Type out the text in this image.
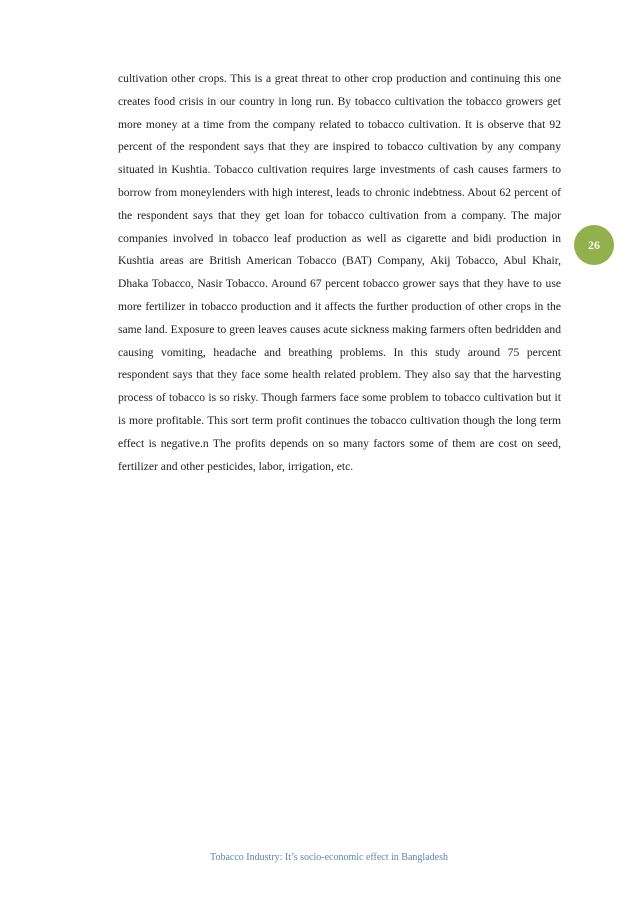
cultivation other crops. This is a great threat to other crop production and continuing this one creates food crisis in our country in long run. By tobacco cultivation the tobacco growers get more money at a time from the company related to tobacco cultivation. It is observe that 92 percent of the respondent says that they are inspired to tobacco cultivation by any company situated in Kushtia. Tobacco cultivation requires large investments of cash causes farmers to borrow from moneylenders with high interest, leads to chronic indebtness. About 62 percent of the respondent says that they get loan for tobacco cultivation from a company. The major companies involved in tobacco leaf production as well as cigarette and bidi production in Kushtia areas are British American Tobacco (BAT) Company, Akij Tobacco, Abul Khair, Dhaka Tobacco, Nasir Tobacco. Around 67 percent tobacco grower says that they have to use more fertilizer in tobacco production and it affects the further production of other crops in the same land. Exposure to green leaves causes acute sickness making farmers often bedridden and causing vomiting, headache and breathing problems. In this study around 75 percent respondent says that they face some health related problem. They also say that the harvesting process of tobacco is so risky. Though farmers face some problem to tobacco cultivation but it is more profitable. This sort term profit continues the tobacco cultivation though the long term effect is negative.n The profits depends on so many factors some of them are cost on seed, fertilizer and other pesticides, labor, irrigation, etc.

26
Tobacco Industry: It’s socio-economic effect in Bangladesh
